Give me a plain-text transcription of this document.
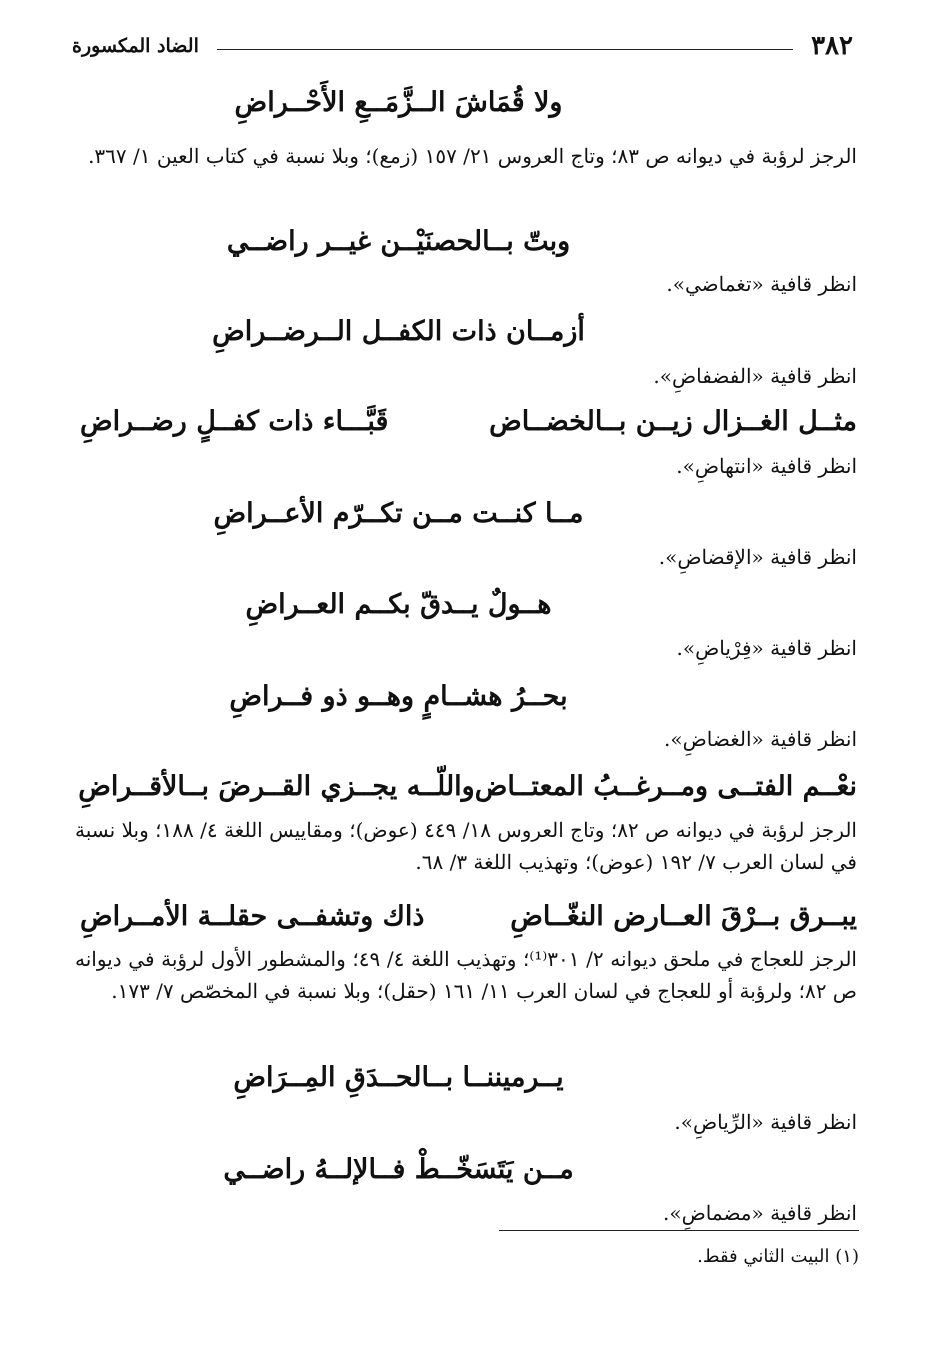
٣٨٢
الضاد المكسورة
ولا قُمَاشَ الــزَّمَــعِ الأَحْــراضِ
الرجز لرؤبة في ديوانه ص ٨٣؛ وتاج العروس ٢١/ ١٥٧ (زمع)؛ وبلا نسبة في كتاب العين ١/ ٣٦٧.
وبتّ بــالحصنَيْــن غيــر راضــي
انظر قافية «تغماضي».
أزمــان ذات الكفــل الــرضــراضِ
انظر قافية «الفضفاضِ».
مثــل الغــزال زيــن بــالخضــاض
قَبَّـــاء ذات كفــلٍ رضــراضِ
انظر قافية «انتهاضِ».
مــا كنــت مــن تكــرّم الأعــراضِ
انظر قافية «الإقضاضِ».
هــولٌ يــدقّ بكــم العــراضِ
انظر قافية «فِرْياضِ».
بحــرُ هشــامٍ وهــو ذو فــراضِ
انظر قافية «الغضاضِ».
نعْــم الفتــى ومــرغــبُ المعتــاض
واللّــه يجــزي القــرضَ بــالأقــراضِ
الرجز لرؤبة في ديوانه ص ٨٢؛ وتاج العروس ١٨/ ٤٤٩ (عوض)؛ ومقاييس اللغة ٤/ ١٨٨؛ وبلا نسبة في لسان العرب ٧/ ١٩٢ (عوض)؛ وتهذيب اللغة ٣/ ٦٨.
يبــرق بــرْقَ العــارض النغّــاضِ
ذاك وتشفــى حقلــة الأمــراضِ
الرجز للعجاج في ملحق ديوانه ٢/ ٣٠١⁽¹⁾؛ وتهذيب اللغة ٤/ ٤٩؛ والمشطور الأول لرؤبة في ديوانه ص ٨٢؛ ولرؤبة أو للعجاج في لسان العرب ١١/ ١٦١ (حقل)؛ وبلا نسبة في المخصّص ٧/ ١٧٣.
يــرميننــا بــالحــدَقِ المِــرَاضِ
انظر قافية «الرِّياضِ».
مــن يَتَسَخّــطْ فــالإلــهُ راضــي
انظر قافية «مضماضِ».
(١) البيت الثاني فقط.
